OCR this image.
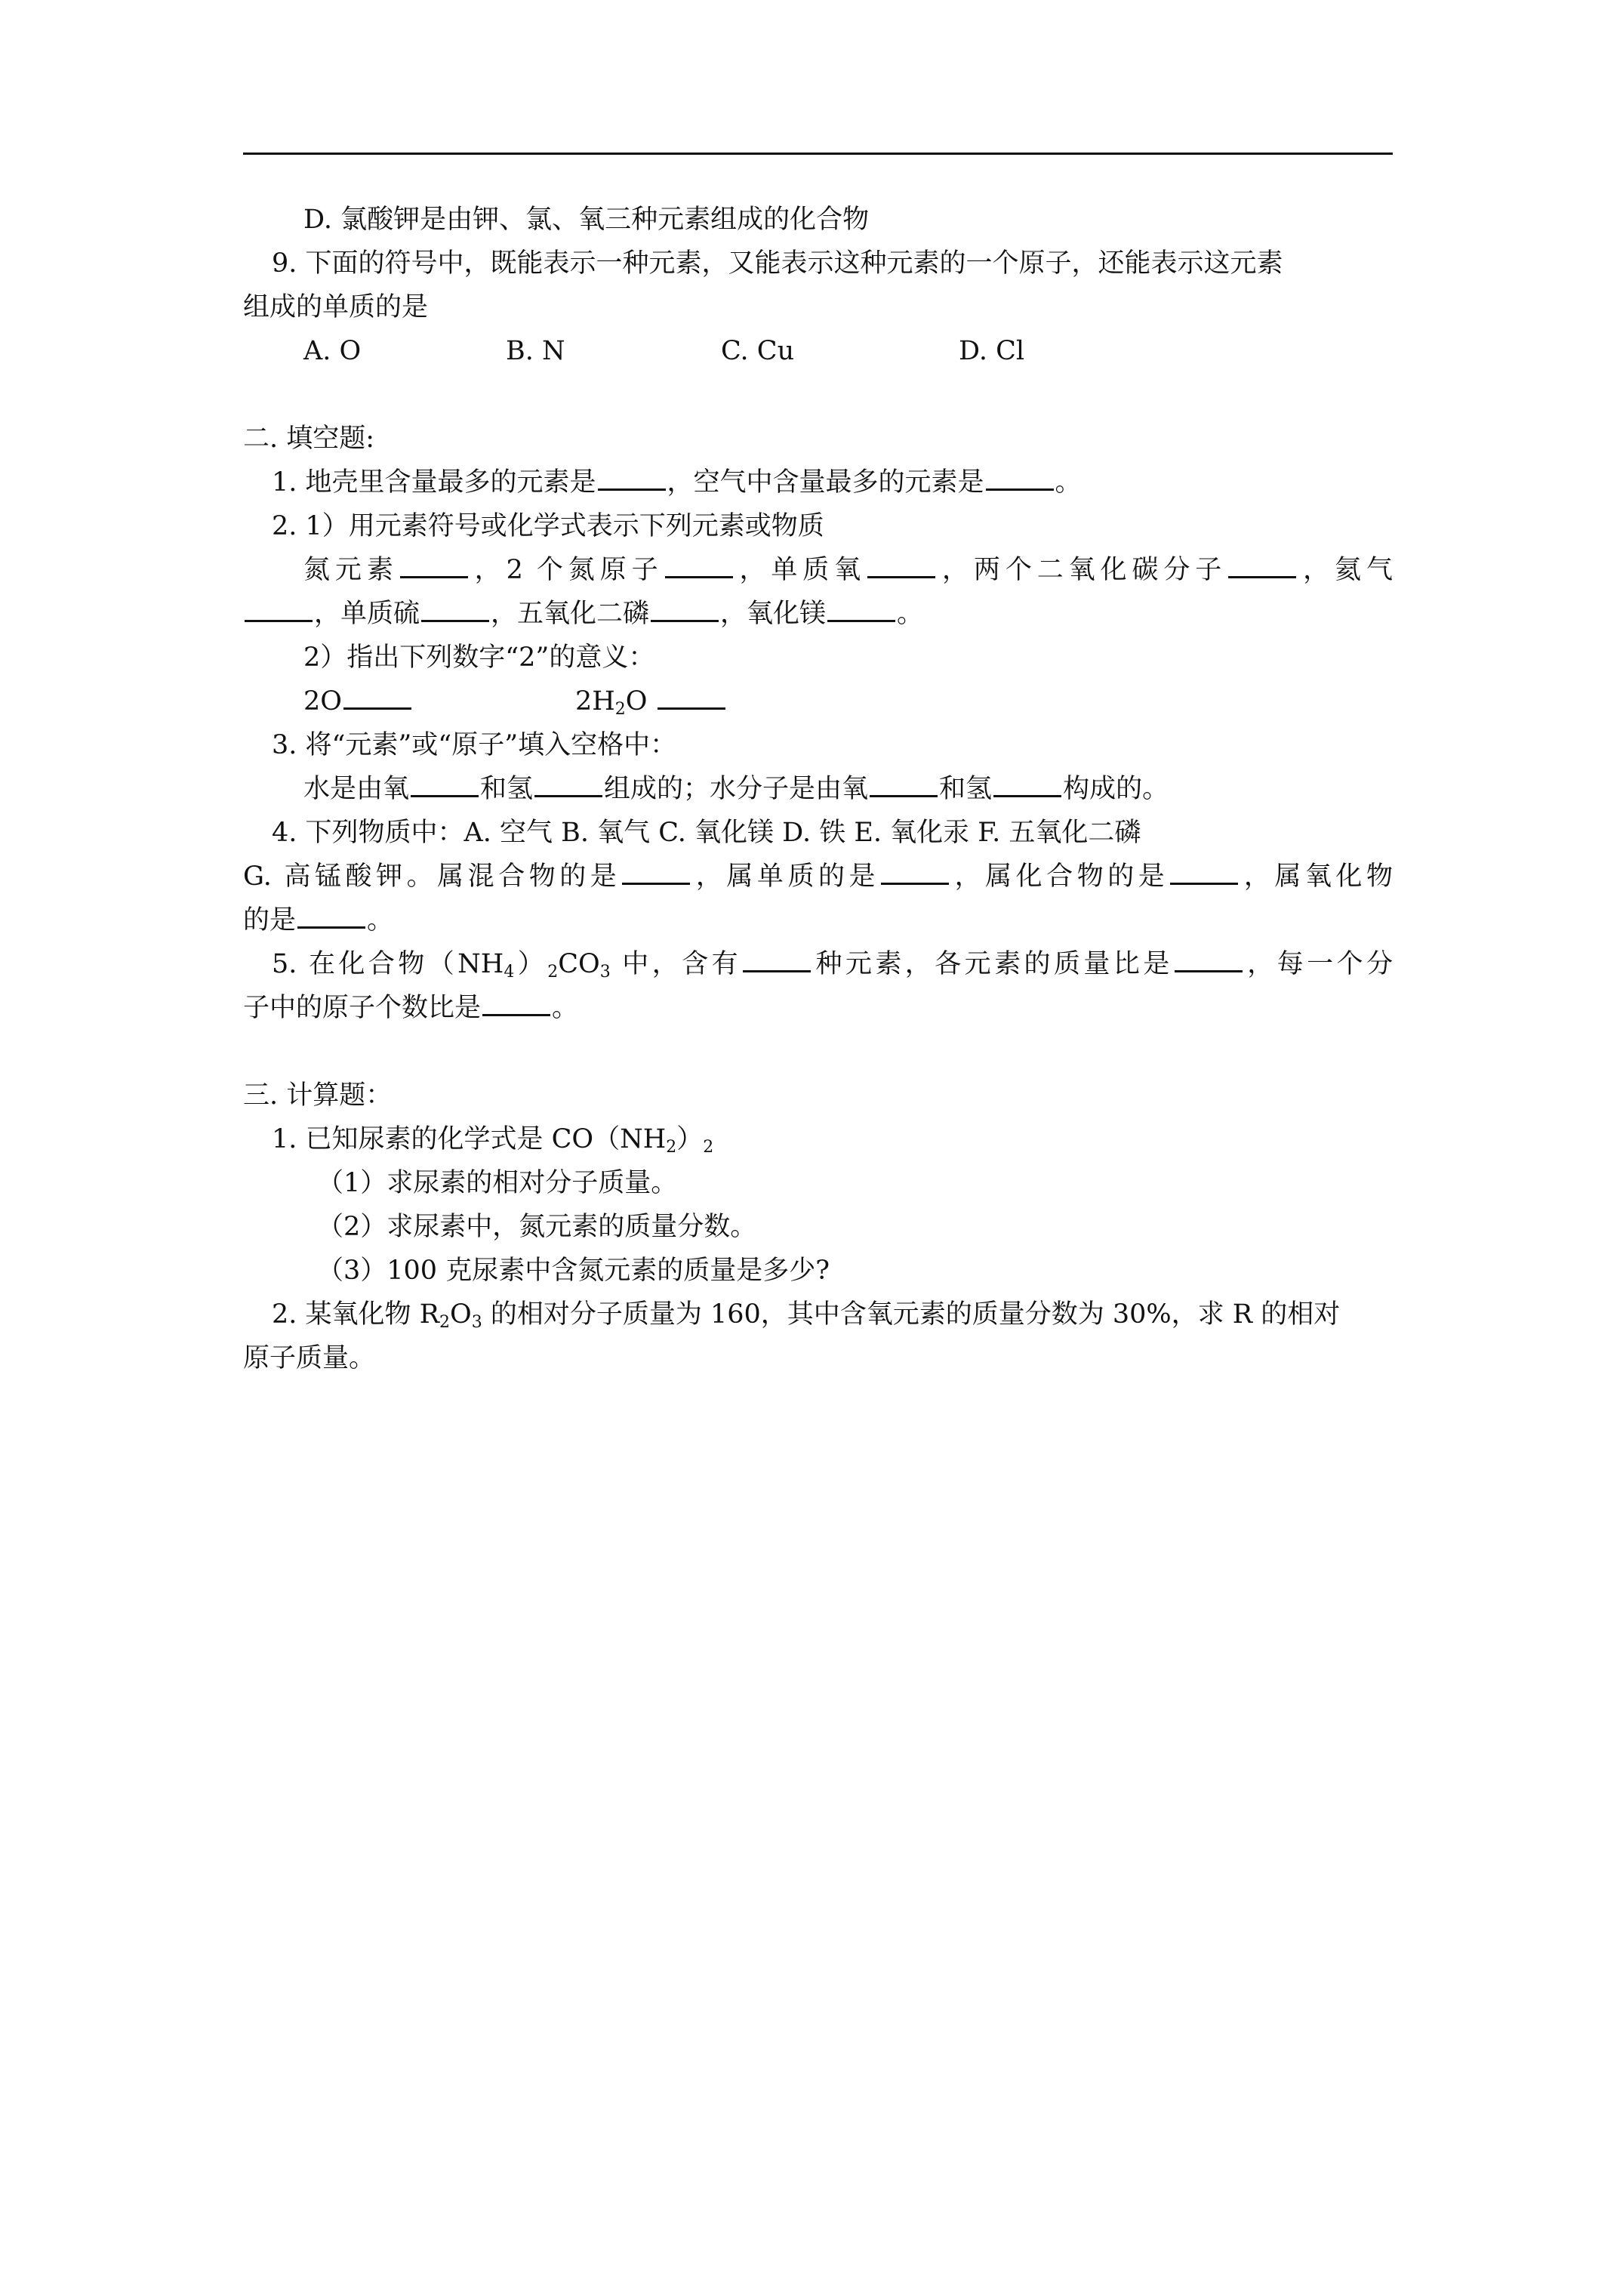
D. 氯酸钾是由钾、氯、氧三种元素组成的化合物
9. 下面的符号中，既能表示一种元素，又能表示这种元素的一个原子，还能表示这元素
组成的单质的是
A. O	B. N	C. Cu	D. Cl
二. 填空题:
1. 地壳里含量最多的元素是	，空气中含量最多的元素是	。
2. 1）用元素符号或化学式表示下列元素或物质
氮元素	，2 个氮原子	，单质氧	，两个二氧化碳分子	，氦气
，单质硫	，五氧化二磷	，氧化镁	。
2）指出下列数字“2”的意义：
2O	$2H_2O$
3. 将“元素”或“原子”填入空格中：
水是由氧	和氢	组成的；水分子是由氧	和氢	构成的。
4. 下列物质中：A. 空气 B. 氧气 C. 氧化镁 D. 铁 E. 氧化汞 F. 五氧化二磷
G. 高锰酸钾。属混合物的是	，属单质的是	，属化合物的是	，属氧化物
的是	。
5. 在化合物$(NH_4)_2CO_3$ 中，含有	种元素，各元素的质量比是	，每一个分
子中的原子个数比是	。
三. 计算题：
1. 已知尿素的化学式是 $CO(NH_2)_2$
（1）求尿素的相对分子质量。
（2）求尿素中，氮元素的质量分数。
（3）100 克尿素中含氮元素的质量是多少?
2. 某氧化物 $R_2O_3$ 的相对分子质量为 160，其中含氧元素的质量分数为 30%，求 R 的相对
原子质量。
